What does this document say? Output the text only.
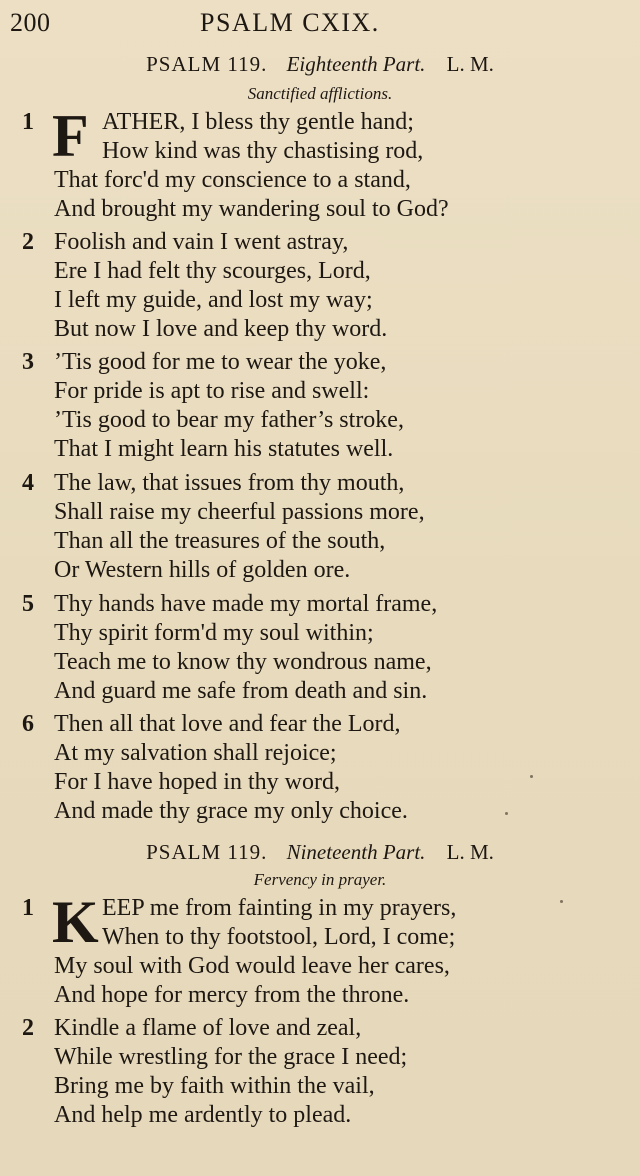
200	PSALM CXIX.
PSALM 119. Eighteenth Part. L. M.
Sanctified afflictions.
1 F ATHER, I bless thy gentle hand;
How kind was thy chastising rod,
That forc'd my conscience to a stand,
And brought my wandering soul to God?
2 Foolish and vain I went astray,
Ere I had felt thy scourges, Lord,
I left my guide, and lost my way;
But now I love and keep thy word.
3 ’Tis good for me to wear the yoke,
For pride is apt to rise and swell:
’Tis good to bear my father’s stroke,
That I might learn his statutes well.
4 The law, that issues from thy mouth,
Shall raise my cheerful passions more,
Than all the treasures of the south,
Or Western hills of golden ore.
5 Thy hands have made my mortal frame,
Thy spirit form'd my soul within;
Teach me to know thy wondrous name,
And guard me safe from death and sin.
6 Then all that love and fear the Lord,
At my salvation shall rejoice;
For I have hoped in thy word,
And made thy grace my only choice.
PSALM 119. Nineteenth Part. L. M.
Fervency in prayer.
1 K EEP me from fainting in my prayers,
When to thy footstool, Lord, I come;
My soul with God would leave her cares,
And hope for mercy from the throne.
2 Kindle a flame of love and zeal,
While wrestling for the grace I need;
Bring me by faith within the vail,
And help me ardently to plead.
